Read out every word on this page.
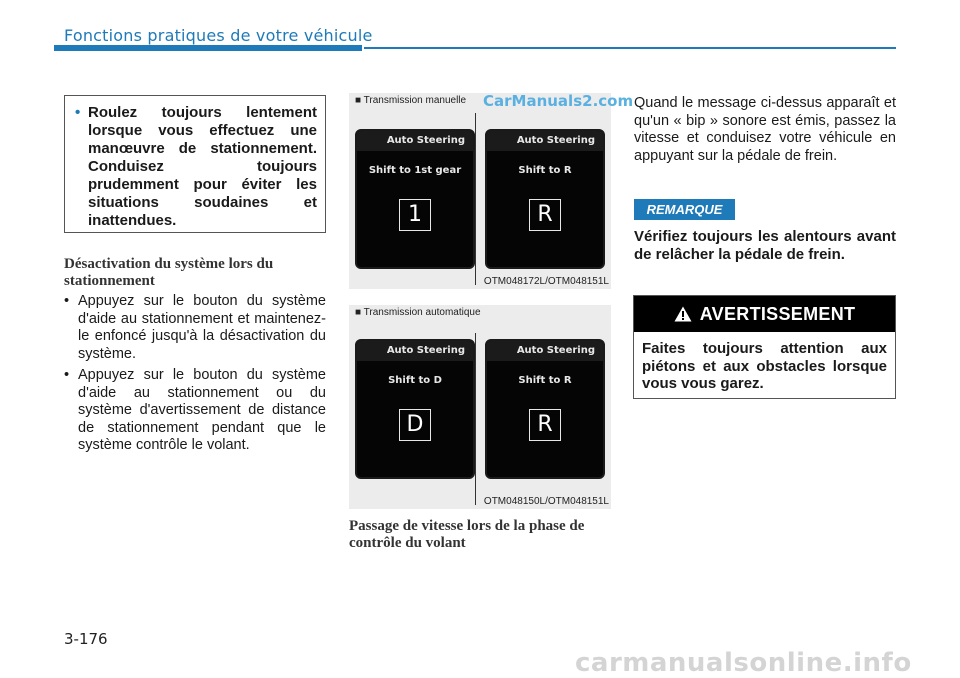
Fonctions pratiques de votre véhicule
• Roulez toujours lentement lorsque vous effectuez une manœuvre de stationnement. Conduisez toujours prudemment pour éviter les situations soudaines et inattendues.
Désactivation du système lors du stationnement
• Appuyez sur le bouton du système d'aide au stationnement et maintenez-le enfoncé jusqu'à la désactivation du système.
• Appuyez sur le bouton du système d'aide au stationnement ou du système d'avertissement de distance de stationnement pendant que le système contrôle le volant.
■ Transmission manuelle CarManuals2.com
Auto Steering
Shift to 1st gear
1
Auto Steering
Shift to R
R
OTM048172L/OTM048151L
■ Transmission automatique
Auto Steering
Shift to D
D
Auto Steering
Shift to R
R
OTM048150L/OTM048151L
Passage de vitesse lors de la phase de contrôle du volant

Quand le message ci-dessus apparaît et qu'un « bip » sonore est émis, passez la vitesse et conduisez votre véhicule en appuyant sur la pédale de frein.

REMARQUE

Vérifiez toujours les alentours avant de relâcher la pédale de frein.

AVERTISSEMENT
Faites toujours attention aux piétons et aux obstacles lorsque vous vous garez.
3-176
carmanualsonline.info
